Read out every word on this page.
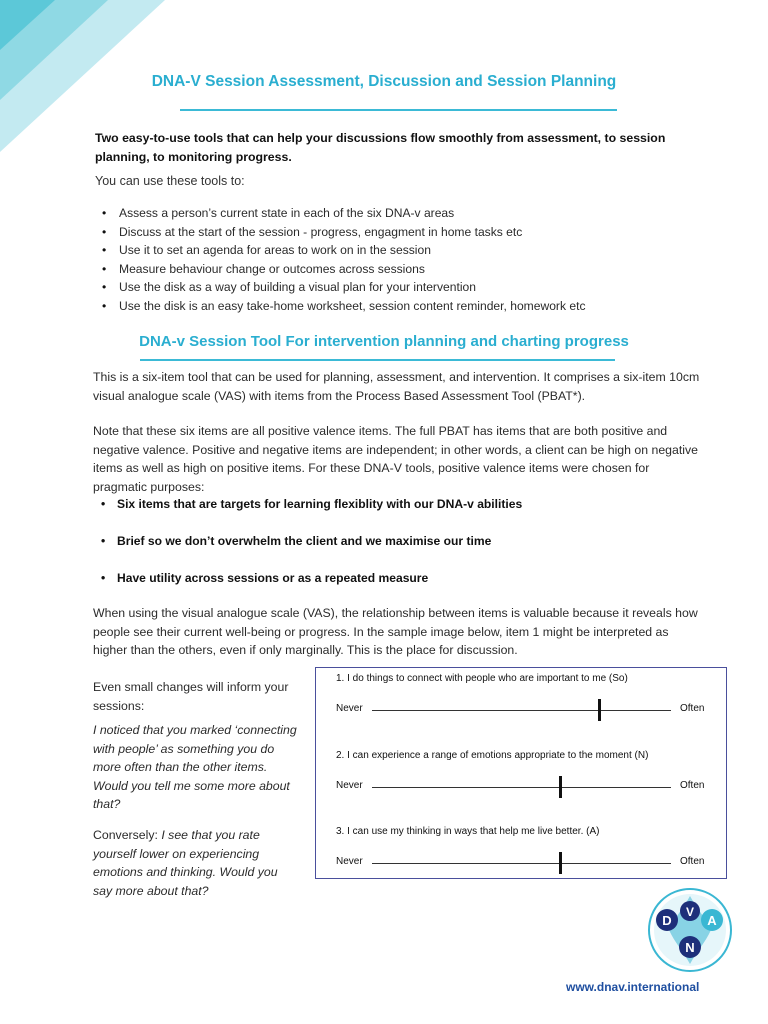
DNA-V Session Assessment, Discussion and Session Planning
Two easy-to-use tools that can help your discussions flow smoothly from assessment, to session planning, to monitoring progress.
You can use these tools to:
• Assess a person’s current state in each of the six DNA-v areas
• Discuss at the start of the session - progress, engagment in home tasks etc
• Use it to set an agenda for areas to work on in the session
• Measure behaviour change or outcomes across sessions
• Use the disk as a way of building a visual plan for your intervention
• Use the disk is an easy take-home worksheet, session content reminder, homework etc
DNA-v Session Tool For intervention planning and charting progress
This is a six-item tool that can be used for planning, assessment, and intervention. It comprises a six-item 10cm visual analogue scale (VAS) with items from the Process Based Assessment Tool (PBAT*).
Note that these six items are all positive valence items. The full PBAT has items that are both positive and negative valence. Positive and negative items are independent; in other words, a client can be high on negative items as well as high on positive items. For these DNA-V tools, positive valence items were chosen for pragmatic purposes:
• Six items that are targets for learning flexiblity with our DNA-v abilities
• Brief so we don’t overwhelm the client and we maximise our time
• Have utility across sessions or as a repeated measure
When using the visual analogue scale (VAS), the relationship between items is valuable because it reveals how people see their current well-being or progress. In the sample image below, item 1 might be interpreted as higher than the others, even if only marginally. This is the place for discussion.
Even small changes will inform your sessions:
I noticed that you marked ‘connecting with people’ as something you do more often than the other items. Would you tell me some more about that?
Conversely: I see that you rate yourself lower on experiencing emotions and thinking. Would you say more about that?
1. I do things to connect with people who are important to me (So)
Never	Often
2. I can experience a range of emotions appropriate to the moment (N)
Never	Often
3. I can use my thinking in ways that help me live better. (A)
Never	Often
D
V
A
N
www.dnav.international
